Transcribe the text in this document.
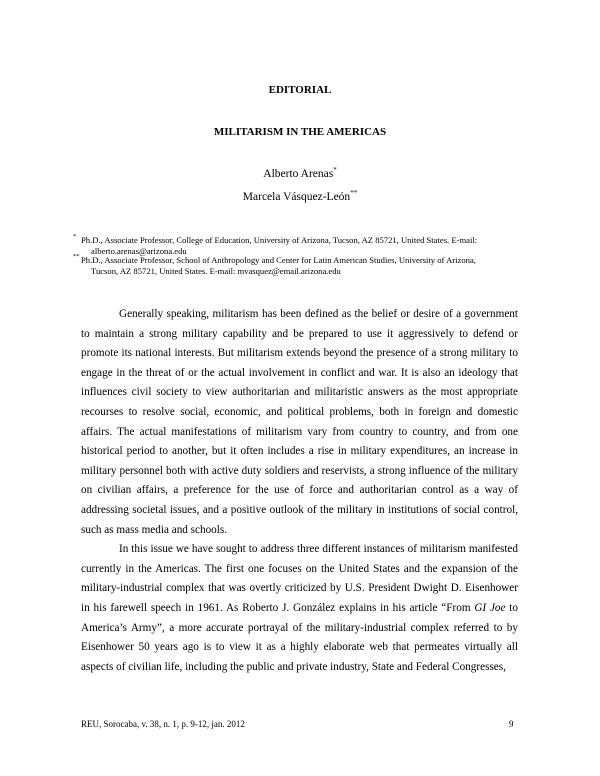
EDITORIAL
MILITARISM IN THE AMERICAS
Alberto Arenas*
Marcela Vásquez-León**
* Ph.D., Associate Professor, College of Education, University of Arizona, Tucson, AZ 85721, United States. E-mail:
alberto.arenas@arizona.edu
** Ph.D., Associate Professor, School of Anthropology and Center for Latin American Studies, University of Arizona,
Tucson, AZ 85721, United States. E-mail: mvasquez@email.arizona.edu

Generally speaking, militarism has been defined as the belief or desire of a government to maintain a strong military capability and be prepared to use it aggressively to defend or promote its national interests. But militarism extends beyond the presence of a strong military to engage in the threat of or the actual involvement in conflict and war. It is also an ideology that influences civil society to view authoritarian and militaristic answers as the most appropriate recourses to resolve social, economic, and political problems, both in foreign and domestic affairs. The actual manifestations of militarism vary from country to country, and from one historical period to another, but it often includes a rise in military expenditures, an increase in military personnel both with active duty soldiers and reservists, a strong influence of the military on civilian affairs, a preference for the use of force and authoritarian control as a way of addressing societal issues, and a positive outlook of the military in institutions of social control, such as mass media and schools.

In this issue we have sought to address three different instances of militarism manifested currently in the Americas. The first one focuses on the United States and the expansion of the military-industrial complex that was overtly criticized by U.S. President Dwight D. Eisenhower in his farewell speech in 1961. As Roberto J. González explains in his article “From GI Joe to America’s Army”, a more accurate portrayal of the military-industrial complex referred to by Eisenhower 50 years ago is to view it as a highly elaborate web that permeates virtually all aspects of civilian life, including the public and private industry, State and Federal Congresses,

REU, Sorocaba, v. 38, n. 1, p. 9-12, jan. 2012	9
